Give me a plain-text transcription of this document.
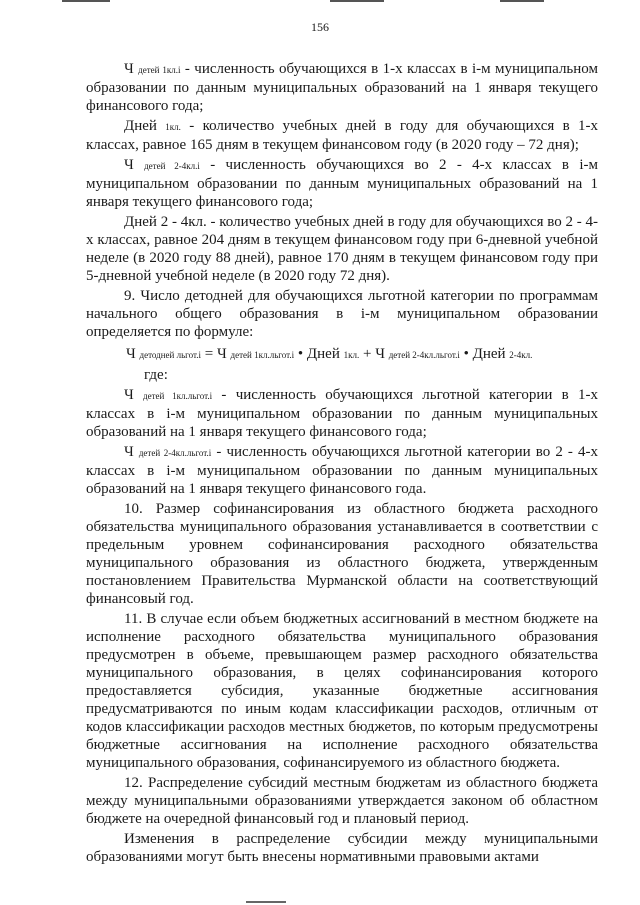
156

Ч детей 1кл.i - численность обучающихся в 1-х классах в i-м муниципальном образовании по данным муниципальных образований на 1 января текущего финансового года;

Дней 1кл. - количество учебных дней в году для обучающихся в 1-х классах, равное 165 дням в текущем финансовом году (в 2020 году – 72 дня);

Ч детей 2-4кл.i - численность обучающихся во 2 - 4-х классах в i-м муниципальном образовании по данным муниципальных образований на 1 января текущего финансового года;

Дней 2 - 4кл. - количество учебных дней в году для обучающихся во 2 - 4-х классах, равное 204 дням в текущем финансовом году при 6-дневной учебной неделе (в 2020 году 88 дней), равное 170 дням в текущем финансовом году при 5-дневной учебной неделе (в 2020 году 72 дня).

9. Число детодней для обучающихся льготной категории по программам начального общего образования в i-м муниципальном образовании определяется по формуле:

Ч детодней льгот.i = Ч детей 1кл.льгот.i • Дней 1кл. + Ч детей 2-4кл.льгот.i • Дней 2-4кл.
где:

Ч детей 1кл.льгот.i - численность обучающихся льготной категории в 1-х классах в i-м муниципальном образовании по данным муниципальных образований на 1 января текущего финансового года;

Ч детей 2-4кл.льгот.i - численность обучающихся льготной категории во 2 - 4-х классах в i-м муниципальном образовании по данным муниципальных образований на 1 января текущего финансового года.

10. Размер софинансирования из областного бюджета расходного обязательства муниципального образования устанавливается в соответствии с предельным уровнем софинансирования расходного обязательства муниципального образования из областного бюджета, утвержденным постановлением Правительства Мурманской области на соответствующий финансовый год.

11. В случае если объем бюджетных ассигнований в местном бюджете на исполнение расходного обязательства муниципального образования предусмотрен в объеме, превышающем размер расходного обязательства муниципального образования, в целях софинансирования которого предоставляется субсидия, указанные бюджетные ассигнования предусматриваются по иным кодам классификации расходов, отличным от кодов классификации расходов местных бюджетов, по которым предусмотрены бюджетные ассигнования на исполнение расходного обязательства муниципального образования, софинансируемого из областного бюджета.

12. Распределение субсидий местным бюджетам из областного бюджета между муниципальными образованиями утверждается законом об областном бюджете на очередной финансовый год и плановый период.

Изменения в распределение субсидии между муниципальными образованиями могут быть внесены нормативными правовыми актами
